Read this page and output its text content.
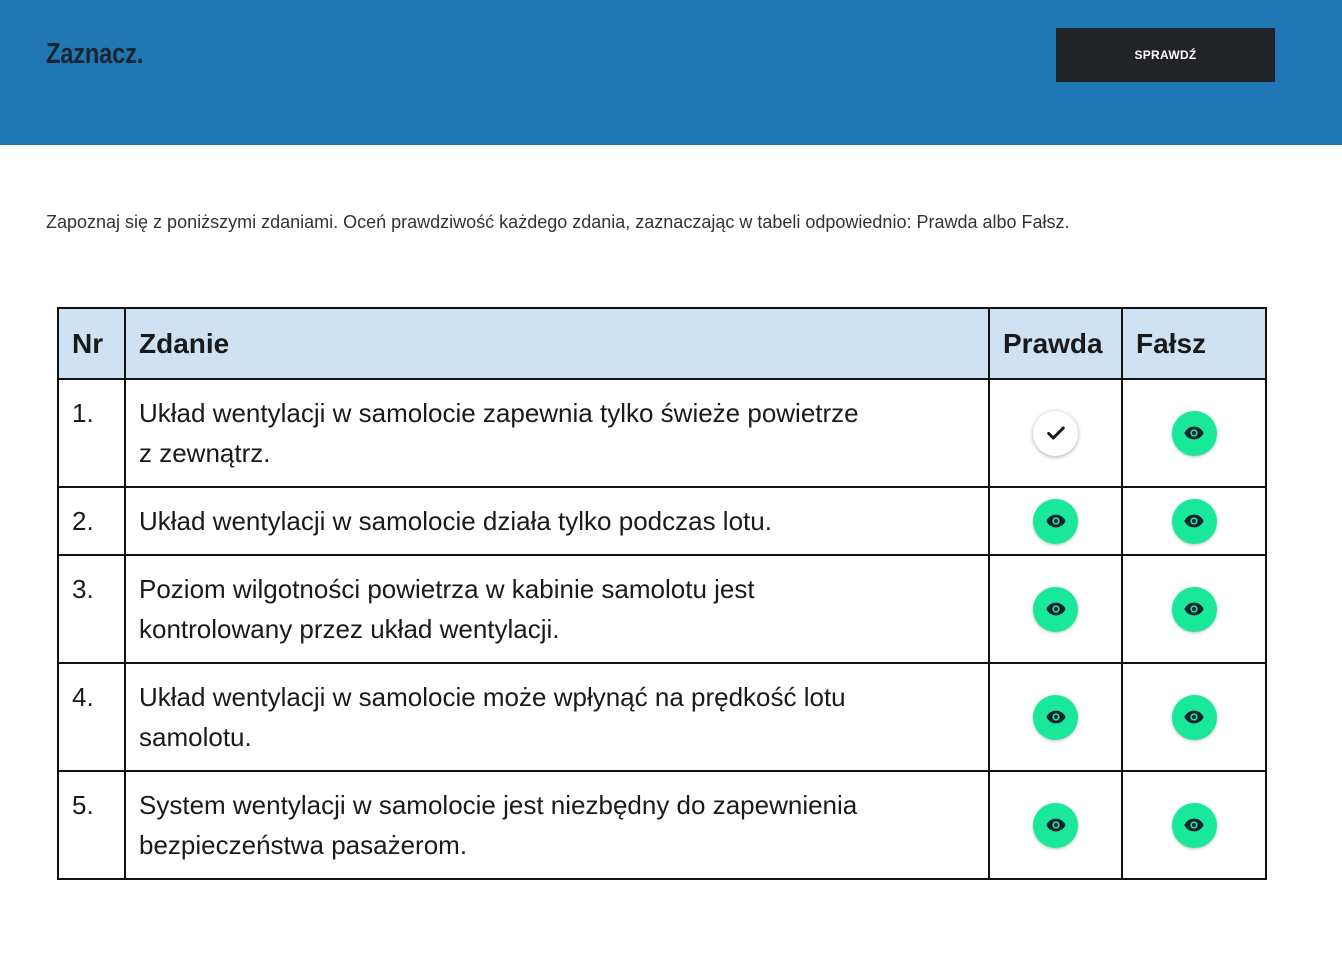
Zaznacz.	SPRAWDŹ
Zapoznaj się z poniższymi zdaniami. Oceń prawdziwość każdego zdania, zaznaczając w tabeli odpowiednio: Prawda albo Fałsz.
Nr	Zdanie	Prawda	Fałsz
1.	Układ wentylacji w samolocie zapewnia tylko świeże powietrze
z zewnątrz.

2.	Układ wentylacji w samolocie działa tylko podczas lotu.

3.	Poziom wilgotności powietrza w kabinie samolotu jest
kontrolowany przez układ wentylacji.

4.	Układ wentylacji w samolocie może wpłynąć na prędkość lotu
samolotu.

5.	System wentylacji w samolocie jest niezbędny do zapewnienia
bezpieczeństwa pasażerom.
